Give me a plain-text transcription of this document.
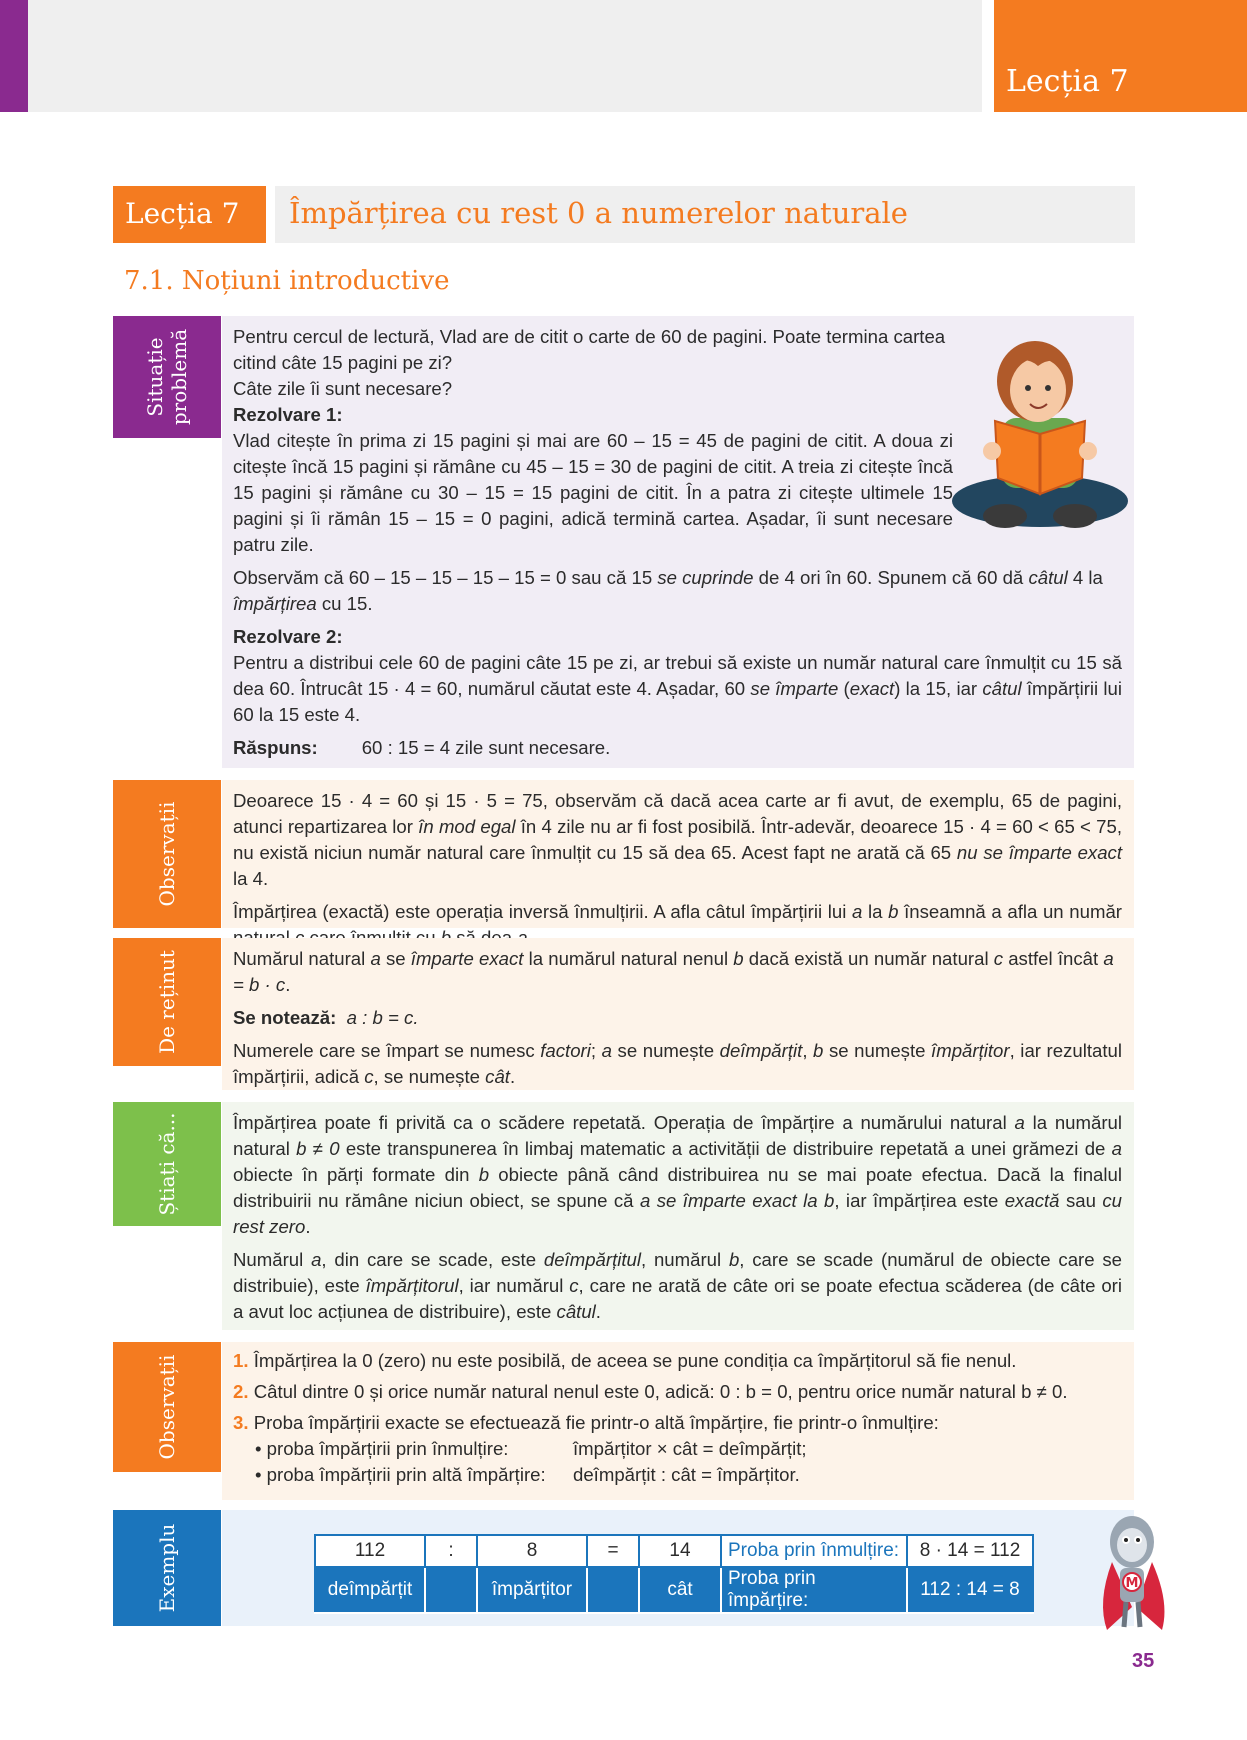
Lecția 7
Lecția 7	Împărțirea cu rest 0 a numerelor naturale
7.1. Noțiuni introductive
Situație problemă Pentru cercul de lectură, Vlad are de citit o carte de 60 de pagini. Poate termina cartea citind câte 15 pagini pe zi?

Câte zile îi sunt necesare?

Rezolvare 1:

Vlad citește în prima zi 15 pagini și mai are 60 – 15 = 45 de pagini de citit. A doua zi citește încă 15 pagini și rămâne cu 45 – 15 = 30 de pagini de citit. A treia zi citește încă 15 pagini și rămâne cu 30 – 15 = 15 pagini de citit. În a patra zi citește ultimele 15 pagini și îi rămân 15 – 15 = 0 pagini, adică termină cartea. Așadar, îi sunt necesare patru zile.

Observăm că 60 – 15 – 15 – 15 – 15 = 0 sau că 15 se cuprinde de 4 ori în 60. Spunem că 60 dă câtul 4 la împărțirea cu 15.

Rezolvare 2:

Pentru a distribui cele 60 de pagini câte 15 pe zi, ar trebui să existe un număr natural care înmulțit cu 15 să dea 60. Întrucât 15 · 4 = 60, numărul căutat este 4. Așadar, 60 se împarte (exact) la 15, iar câtul împărțirii lui 60 la 15 este 4.

Răspuns: 60 : 15 = 4 zile sunt necesare.

Observații

Deoarece 15 · 4 = 60 și 15 · 5 = 75, observăm că dacă acea carte ar fi avut, de exemplu, 65 de pagini, atunci repartizarea lor în mod egal în 4 zile nu ar fi fost posibilă. Într-adevăr, deoarece 15 · 4 = 60 < 65 < 75, nu există niciun număr natural care înmulțit cu 15 să dea 65. Acest fapt ne arată că 65 nu se împarte exact la 4.

Împărțirea (exactă) este operația inversă înmulțirii. A afla câtul împărțirii lui a la b înseamnă a afla un număr

De reținut	Numărul natural a se împarte exact la numărul natural nenul b dacă există un număr natural c astfel încât a = b · c.

Se notează: a : b = c.

Numerele care se împart se numesc factori; a se numește deîmpărțit, b se numește împărțitor, iar rezultatul împărțirii, adică c, se numește cât.

Știați că...	Împărțirea poate fi privită ca o scădere repetată. Operația de împărțire a numărului natural a la numărul natural b ≠ 0 este transpunerea în limbaj matematic a activității de distribuire repetată a unei grămezi de a obiecte în părți formate din b obiecte până când distribuirea nu se mai poate efectua. Dacă la finalul distribuirii nu rămâne niciun obiect, se spune că a se împarte exact la b, iar împărțirea este exactă sau cu rest zero.

Numărul a, din care se scade, este deîmpărțitul, numărul b, care se scade (numărul de obiecte care se distribuie), este împărțitorul, iar numărul c, care ne arată de câte ori se poate efectua scăderea (de câte ori a avut loc acțiunea de distribuire), este câtul.

Observații	1. Împărțirea la 0 (zero) nu este posibilă, de aceea se pune condiția ca împărțitorul să fie nenul.

2. Câtul dintre 0 și orice număr natural nenul este 0, adică: 0 : b = 0, pentru orice număr natural b ≠ 0.

3. Proba împărțirii exacte se efectuează fie printr-o altă împărțire, fie printr-o înmulțire:

• proba împărțirii prin înmulțire:	împărțitor × cât = deîmpărțit;

• proba împărțirii prin altă împărțire: deîmpărțit : cât = împărțitor.

Exemplu	112	:	8	=	14	Proba prin înmulțire:	8 · 14 = 112
deîmpărțit		împărțitor		cât	Proba prin împărțire:	112 : 14 = 8	M
35
